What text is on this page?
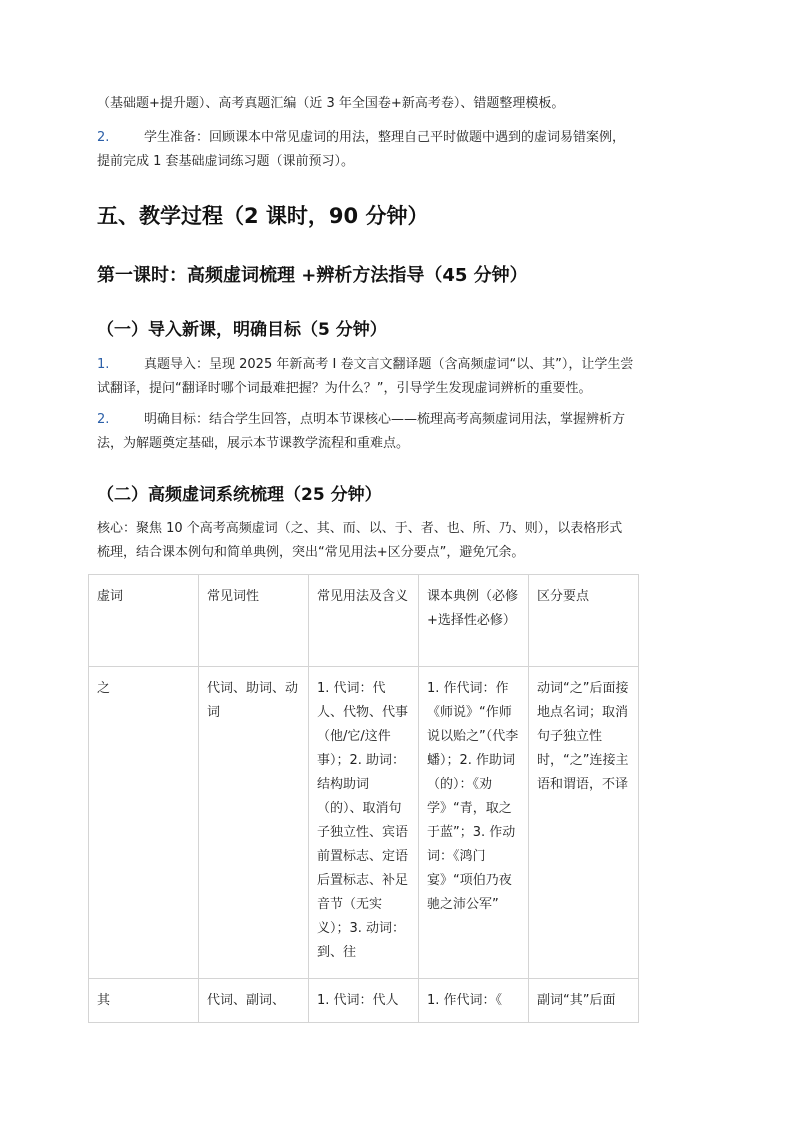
（基础题+提升题）、高考真题汇编（近 3 年全国卷+新高考卷）、错题整理模板。
2.	学生准备：回顾课本中常见虚词的用法，整理自己平时做题中遇到的虚词易错案例，
提前完成 1 套基础虚词练习题（课前预习）。
五、教学过程（2 课时，90 分钟）
第一课时：高频虚词梳理 +辨析方法指导（45 分钟）
（一）导入新课，明确目标（5 分钟）
1.	真题导入：呈现 2025 年新高考 I 卷文言文翻译题（含高频虚词“以、其”），让学生尝
试翻译，提问“翻译时哪个词最难把握？为什么？”，引导学生发现虚词辨析的重要性。
2.	明确目标：结合学生回答，点明本节课核心——梳理高考高频虚词用法，掌握辨析方
法，为解题奠定基础，展示本节课教学流程和重难点。
（二）高频虚词系统梳理（25 分钟）
核心：聚焦 10 个高考高频虚词（之、其、而、以、于、者、也、所、乃、则），以表格形式
梳理，结合课本例句和简单典例，突出“常见用法+区分要点”，避免冗余。
虚词	常见词性	常见用法及含义	课本典例（必修+选择性必修）	区分要点
之	代词、助词、动词	1. 代词：代人、代物、代事（他/它/这件事）；2. 助词：结构助词（的）、取消句子独立性、宾语前置标志、定语后置标志、补足音节（无实义）；3. 动词：到、往	1. 作代词：作《师说》“作师说以贻之”（代李蟠）；2. 作助词（的）：《劝学》“青，取之于蓝”；3. 作动词：《鸿门宴》“项伯乃夜驰之沛公军”	动词“之”后面接地点名词；取消句子独立性时，“之”连接主语和谓语，不译
其	代词、副词、	1. 代词：代人	1. 作代词：《	副词“其”后面
